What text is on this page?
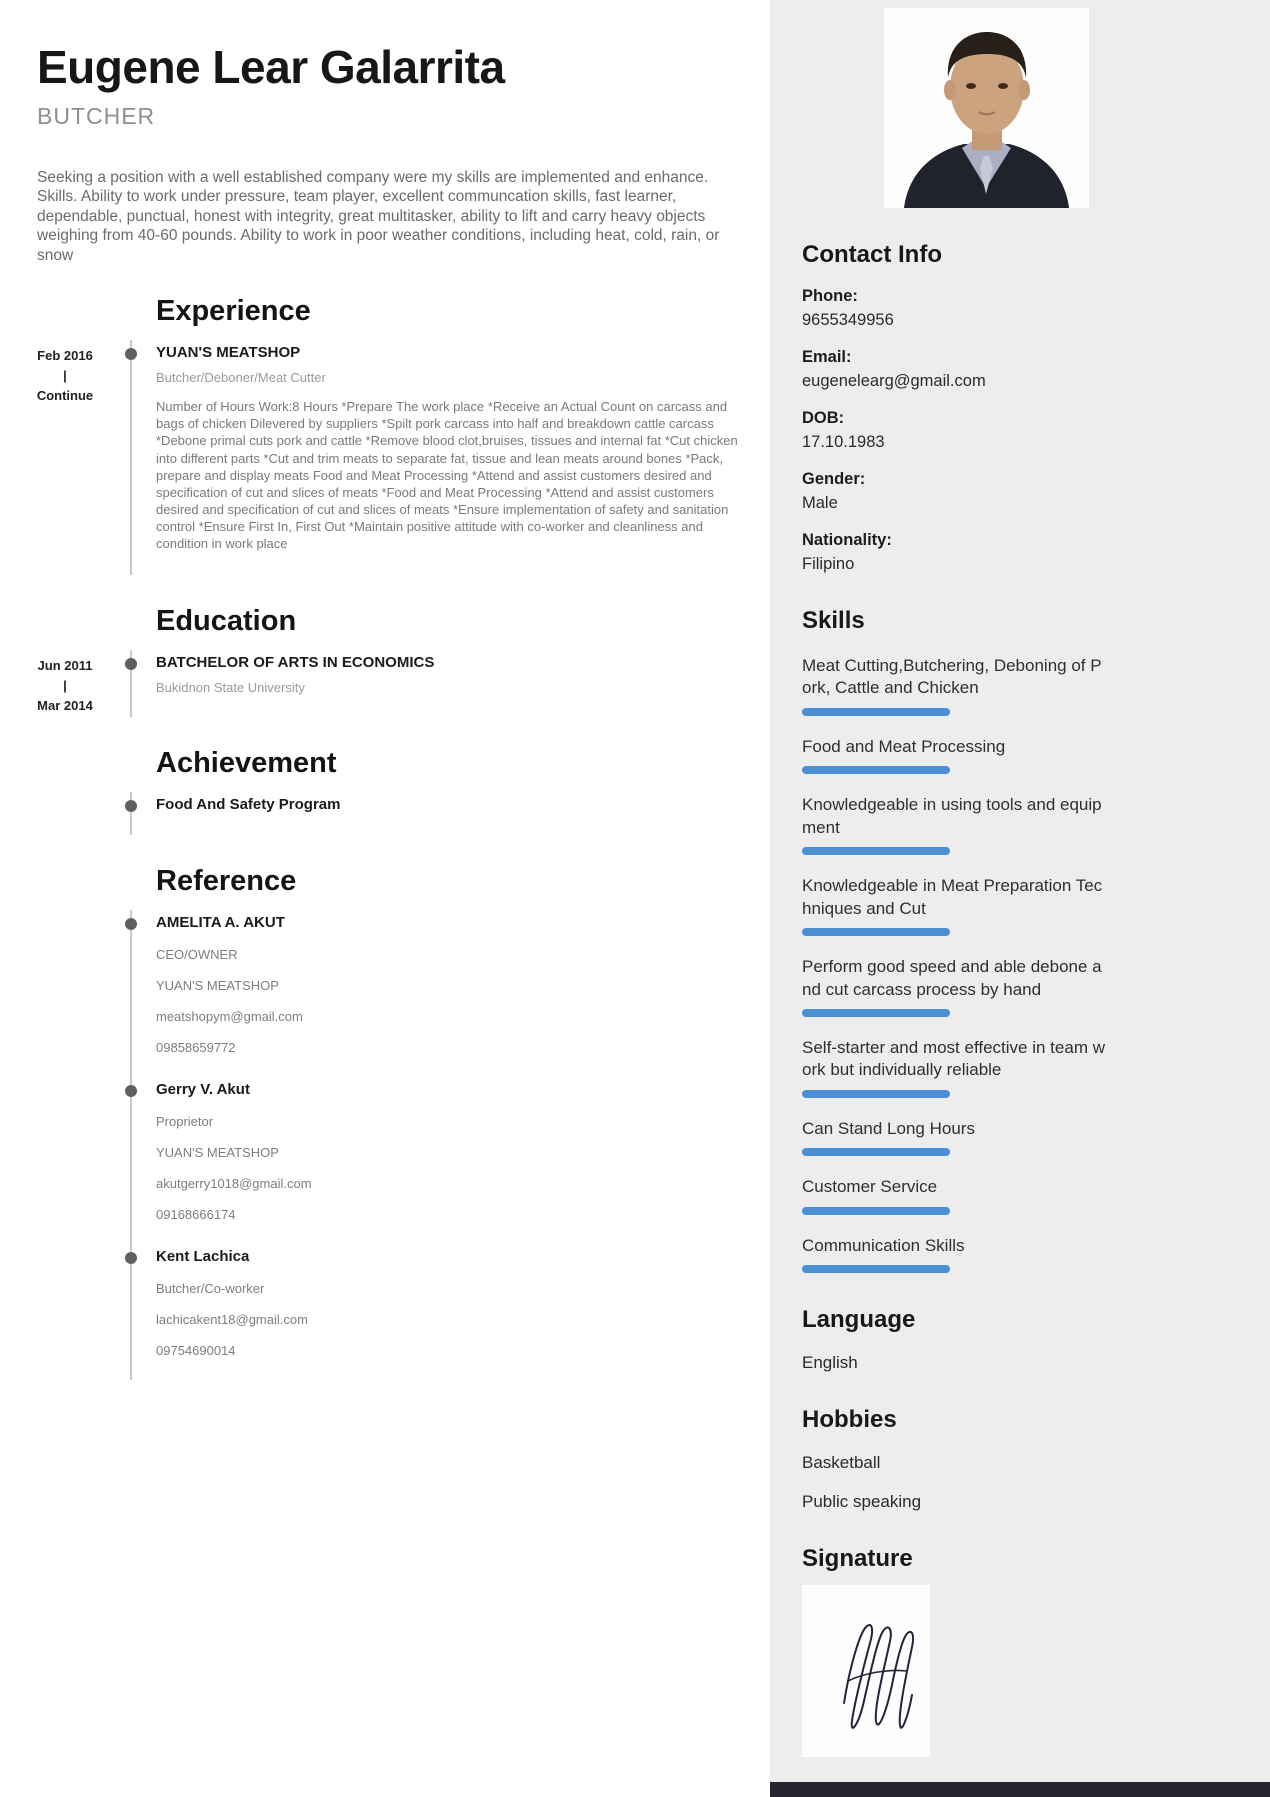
Eugene Lear Galarrita
BUTCHER
Seeking a position with a well established company were my skills are implemented and enhance. Skills. Ability to work under pressure, team player, excellent communcation skills, fast learner, dependable, punctual, honest with integrity, great multitasker, ability to lift and carry heavy objects weighing from 40-60 pounds. Ability to work in poor weather conditions, including heat, cold, rain, or snow
Experience
Feb 2016
|
Continue
YUAN'S MEATSHOP
Butcher/Deboner/Meat Cutter
Number of Hours Work:8 Hours *Prepare The work place *Receive an Actual Count on carcass and bags of chicken Dilevered by suppliers *Spilt pork carcass into half and breakdown cattle carcass *Debone primal cuts pork and cattle *Remove blood clot,bruises, tissues and internal fat *Cut chicken into different parts *Cut and trim meats to separate fat, tissue and lean meats around bones *Pack, prepare and display meats Food and Meat Processing *Attend and assist customers desired and specification of cut and slices of meats *Food and Meat Processing *Attend and assist customers desired and specification of cut and slices of meats *Ensure implementation of safety and sanitation control *Ensure First In, First Out *Maintain positive attitude with co-worker and cleanliness and condition in work place
Education
Jun 2011
|
Mar 2014
BATCHELOR OF ARTS IN ECONOMICS
Bukidnon State University
Achievement
Food And Safety Program
Reference
AMELITA A. AKUT
CEO/OWNER
YUAN'S MEATSHOP
meatshopym@gmail.com
09858659772
Gerry V. Akut
Proprietor
YUAN'S MEATSHOP
akutgerry1018@gmail.com
09168666174
Kent Lachica
Butcher/Co-worker
lachicakent18@gmail.com
09754690014
Contact Info
Phone:
9655349956
Email:
eugenelearg@gmail.com
DOB:
17.10.1983
Gender:
Male
Nationality:
Filipino
Skills
Meat Cutting,Butchering, Deboning of Pork, Cattle and Chicken
Food and Meat Processing
Knowledgeable in using tools and equipment
Knowledgeable in Meat Preparation Techniques and Cut
Perform good speed and able debone and cut carcass process by hand
Self-starter and most effective in team work but individually reliable
Can Stand Long Hours
Customer Service
Communication Skills
Language
English
Hobbies
Basketball
Public speaking
Signature
